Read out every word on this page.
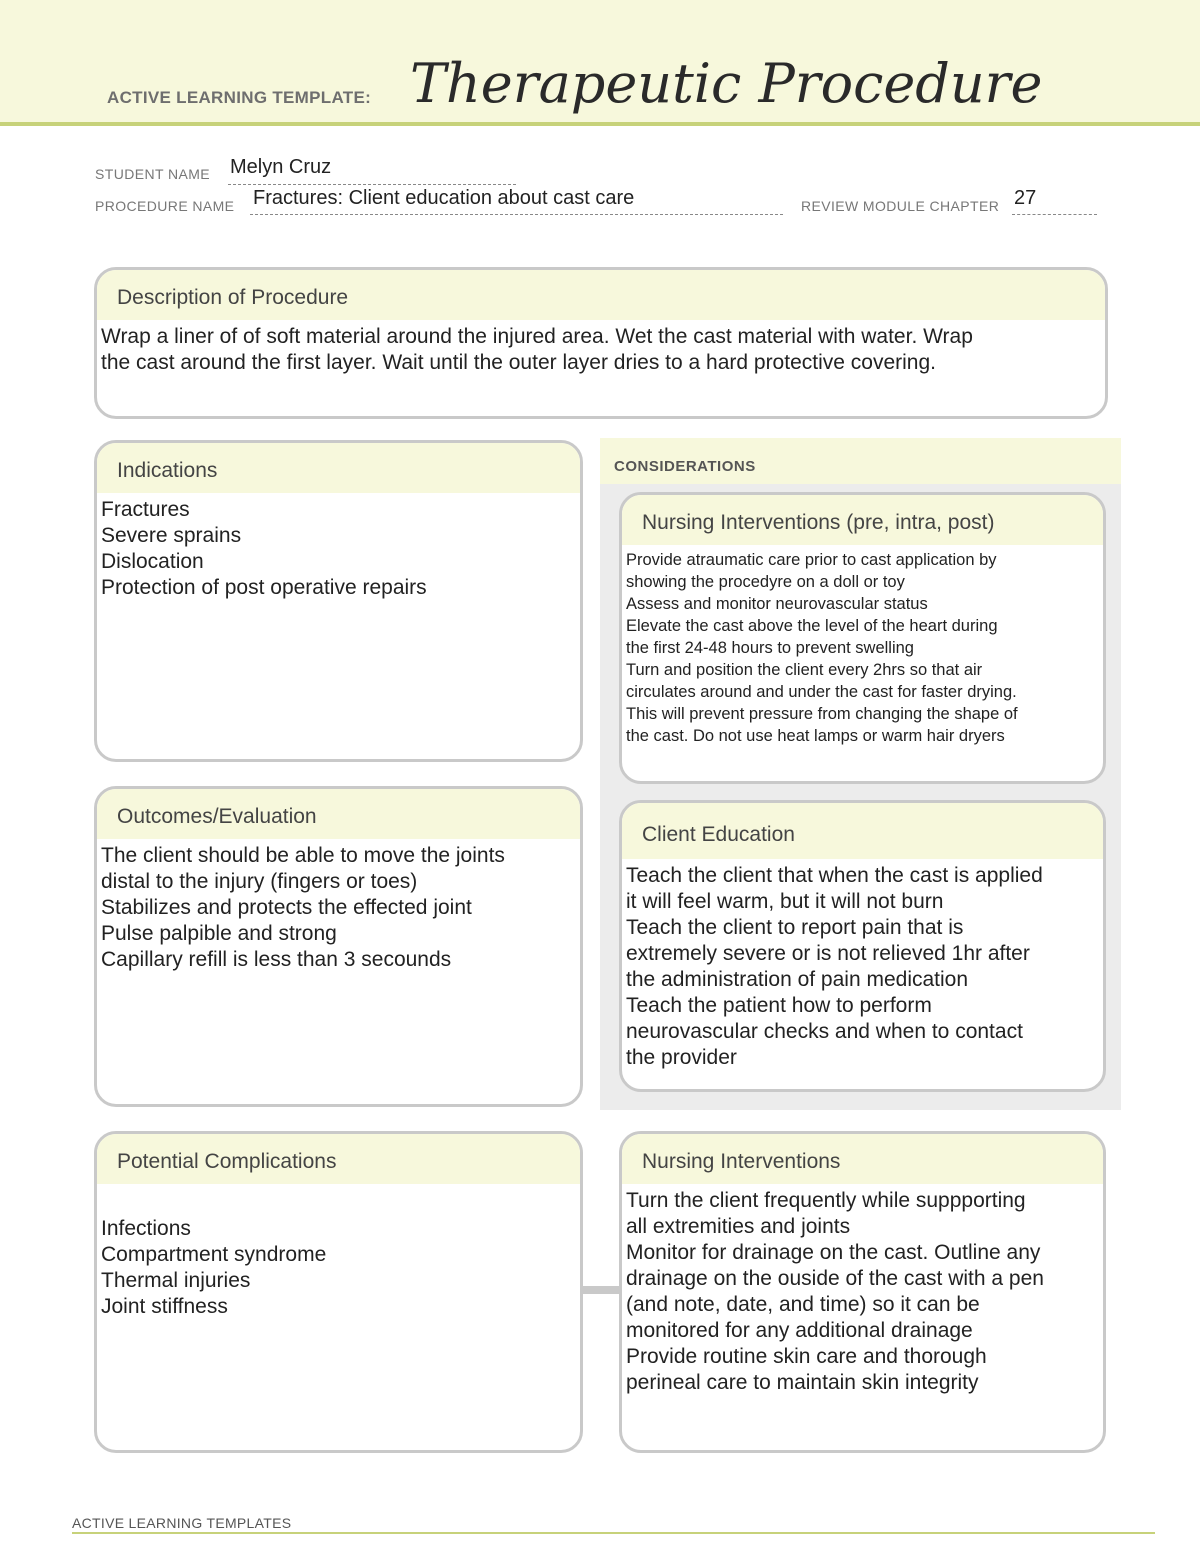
ACTIVE LEARNING TEMPLATE: Therapeutic Procedure
STUDENT NAME Melyn Cruz
PROCEDURE NAME Fractures: Client education about cast care	REVIEW MODULE CHAPTER 27
Description of Procedure
Wrap a liner of of soft material around the injured area. Wet the cast material with water. Wrap
the cast around the first layer. Wait until the outer layer dries to a hard protective covering.
Indications
Fractures
Severe sprains
Dislocation
Protection of post operative repairs
Outcomes/Evaluation
The client should be able to move the joints
distal to the injury (fingers or toes)
Stabilizes and protects the effected joint
Pulse palpible and strong
Capillary refill is less than 3 secounds
CONSIDERATIONS
Nursing Interventions (pre, intra, post)
Provide atraumatic care prior to cast application by
showing the procedyre on a doll or toy
Assess and monitor neurovascular status
Elevate the cast above the level of the heart during
the first 24-48 hours to prevent swelling
Turn and position the client every 2hrs so that air
circulates around and under the cast for faster drying.
This will prevent pressure from changing the shape of
the cast. Do not use heat lamps or warm hair dryers
Client Education
Teach the client that when the cast is applied
it will feel warm, but it will not burn
Teach the client to report pain that is
extremely severe or is not relieved 1hr after
the administration of pain medication
Teach the patient how to perform
neurovascular checks and when to contact
the provider
Potential Complications
Infections
Compartment syndrome
Thermal injuries
Joint stiffness
Nursing Interventions
Turn the client frequently while suppporting
all extremities and joints
Monitor for drainage on the cast. Outline any
drainage on the ouside of the cast with a pen
(and note, date, and time) so it can be
monitored for any additional drainage
Provide routine skin care and thorough
perineal care to maintain skin integrity
ACTIVE LEARNING TEMPLATES
